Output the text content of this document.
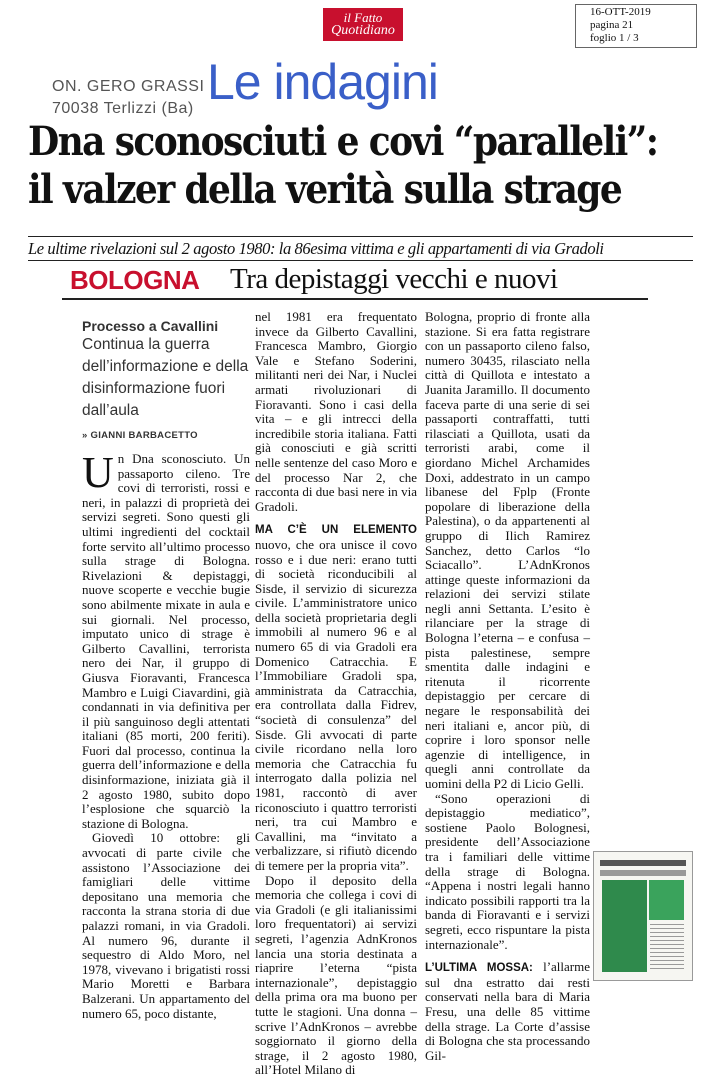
il Fatto
Quotidiano
16-OTT-2019
pagina 21
foglio 1 / 3
ON. GERO GRASSI
70038 Terlizzi (Ba) Le indagini
Dna sconosciuti e covi “paralleli”:
il valzer della verità sulla strage
Le ultime rivelazioni sul 2 agosto 1980: la 86esima vittima e gli appartamenti di via Gradoli
BOLOGNA Tra depistaggi vecchi e nuovi
Processo a Cavallini
Continua la guerra dell’informazione e della disinformazione fuori dall’aula
» GIANNI BARBACETTO

Un Dna sconosciuto. Un passaporto cileno. Tre covi di terroristi, rossi e neri, in palazzi di proprietà dei servizi segreti. Sono questi gli ultimi ingredienti del cocktail forte servito all’ultimo processo sulla strage di Bologna. Rivelazioni & depistaggi, nuove scoperte e vecchie bugie sono abilmente mixate in aula e sui giornali. Nel processo, imputato unico di strage è Gilberto Cavallini, terrorista nero dei Nar, il gruppo di Giusva Fioravanti, Francesca Mambro e Luigi Ciavardini, già condannati in via definitiva per il più sanguinoso degli attentati italiani (85 morti, 200 feriti). Fuori dal processo, continua la guerra dell’informazione e della disinformazione, iniziata già il 2 agosto 1980, subito dopo l’esplosione che squarciò la stazione di Bologna.

Giovedì 10 ottobre: gli avvocati di parte civile che assistono l’Associazione dei famigliari delle vittime depositano una memoria che racconta la strana storia di due palazzi romani, in via Gradoli. Al numero 96, durante il sequestro di Aldo Moro, nel 1978, vivevano i brigatisti rossi Mario Moretti e Barbara Balzerani. Un appartamento del numero 65, poco distante,

nel 1981 era frequentato invece da Gilberto Cavallini, Francesca Mambro, Giorgio Vale e Stefano Soderini, militanti neri dei Nar, i Nuclei armati rivoluzionari di Fioravanti. Sono i casi della vita – e gli intrecci della incredibile storia italiana. Fatti già conosciuti e già scritti nelle sentenze del caso Moro e del processo Nar 2, che racconta di due basi nere in via Gradoli.

MA C’È UN ELEMENTO nuovo, che ora unisce il covo rosso e i due neri: erano tutti di società riconducibili al Sisde, il servizio di sicurezza civile. L’amministratore unico della società proprietaria degli immobili al numero 96 e al numero 65 di via Gradoli era Domenico Catracchia. E l’Immobiliare Gradoli spa, amministrata da Catracchia, era controllata dalla Fidrev, “società di consulenza” del Sisde. Gli avvocati di parte civile ricordano nella loro memoria che Catracchia fu interrogato dalla polizia nel 1981, raccontò di aver riconosciuto i quattro terroristi neri, tra cui Mambro e Cavallini, ma “invitato a verbalizzare, si rifiutò dicendo di temere per la propria vita”.

Dopo il deposito della memoria che collega i covi di via Gradoli (e gli italianissimi loro frequentatori) ai servizi segreti, l’agenzia AdnKronos lancia una storia destinata a riaprire l’eterna “pista internazionale”, depistaggio della prima ora ma buono per tutte le stagioni. Una donna – scrive l’AdnKronos – avrebbe soggiornato il giorno della strage, il 2 agosto 1980, all’Hotel Milano di

Bologna, proprio di fronte alla stazione. Si era fatta registrare con un passaporto cileno falso, numero 30435, rilasciato nella città di Quillota e intestato a Juanita Jaramillo. Il documento faceva parte di una serie di sei passaporti contraffatti, tutti rilasciati a Quillota, usati da terroristi arabi, come il giordano Michel Archamides Doxi, addestrato in un campo libanese del Fplp (Fronte popolare di liberazione della Palestina), o da appartenenti al gruppo di Ilich Ramirez Sanchez, detto Carlos “lo Sciacallo”. L’AdnKronos attinge queste informazioni da relazioni dei servizi stilate negli anni Settanta. L’esito è rilanciare per la strage di Bologna l’eterna – e confusa – pista palestinese, sempre smentita dalle indagini e ritenuta il ricorrente depistaggio per cercare di negare le responsabilità dei neri italiani e, ancor più, di coprire i loro sponsor nelle agenzie di intelligence, in quegli anni controllate da uomini della P2 di Licio Gelli.

“Sono operazioni di depistaggio mediatico”, sostiene Paolo Bolognesi, presidente dell’Associazione tra i familiari delle vittime della strage di Bologna. “Appena i nostri legali hanno indicato possibili rapporti tra la banda di Fioravanti e i servizi segreti, ecco rispuntare la pista internazionale”.

L’ULTIMA MOSSA: l’allarme sul dna estratto dai resti conservati nella bara di Maria Fresu, una delle 85 vittime della strage. La Corte d’assise di Bologna che sta processando Gil-
